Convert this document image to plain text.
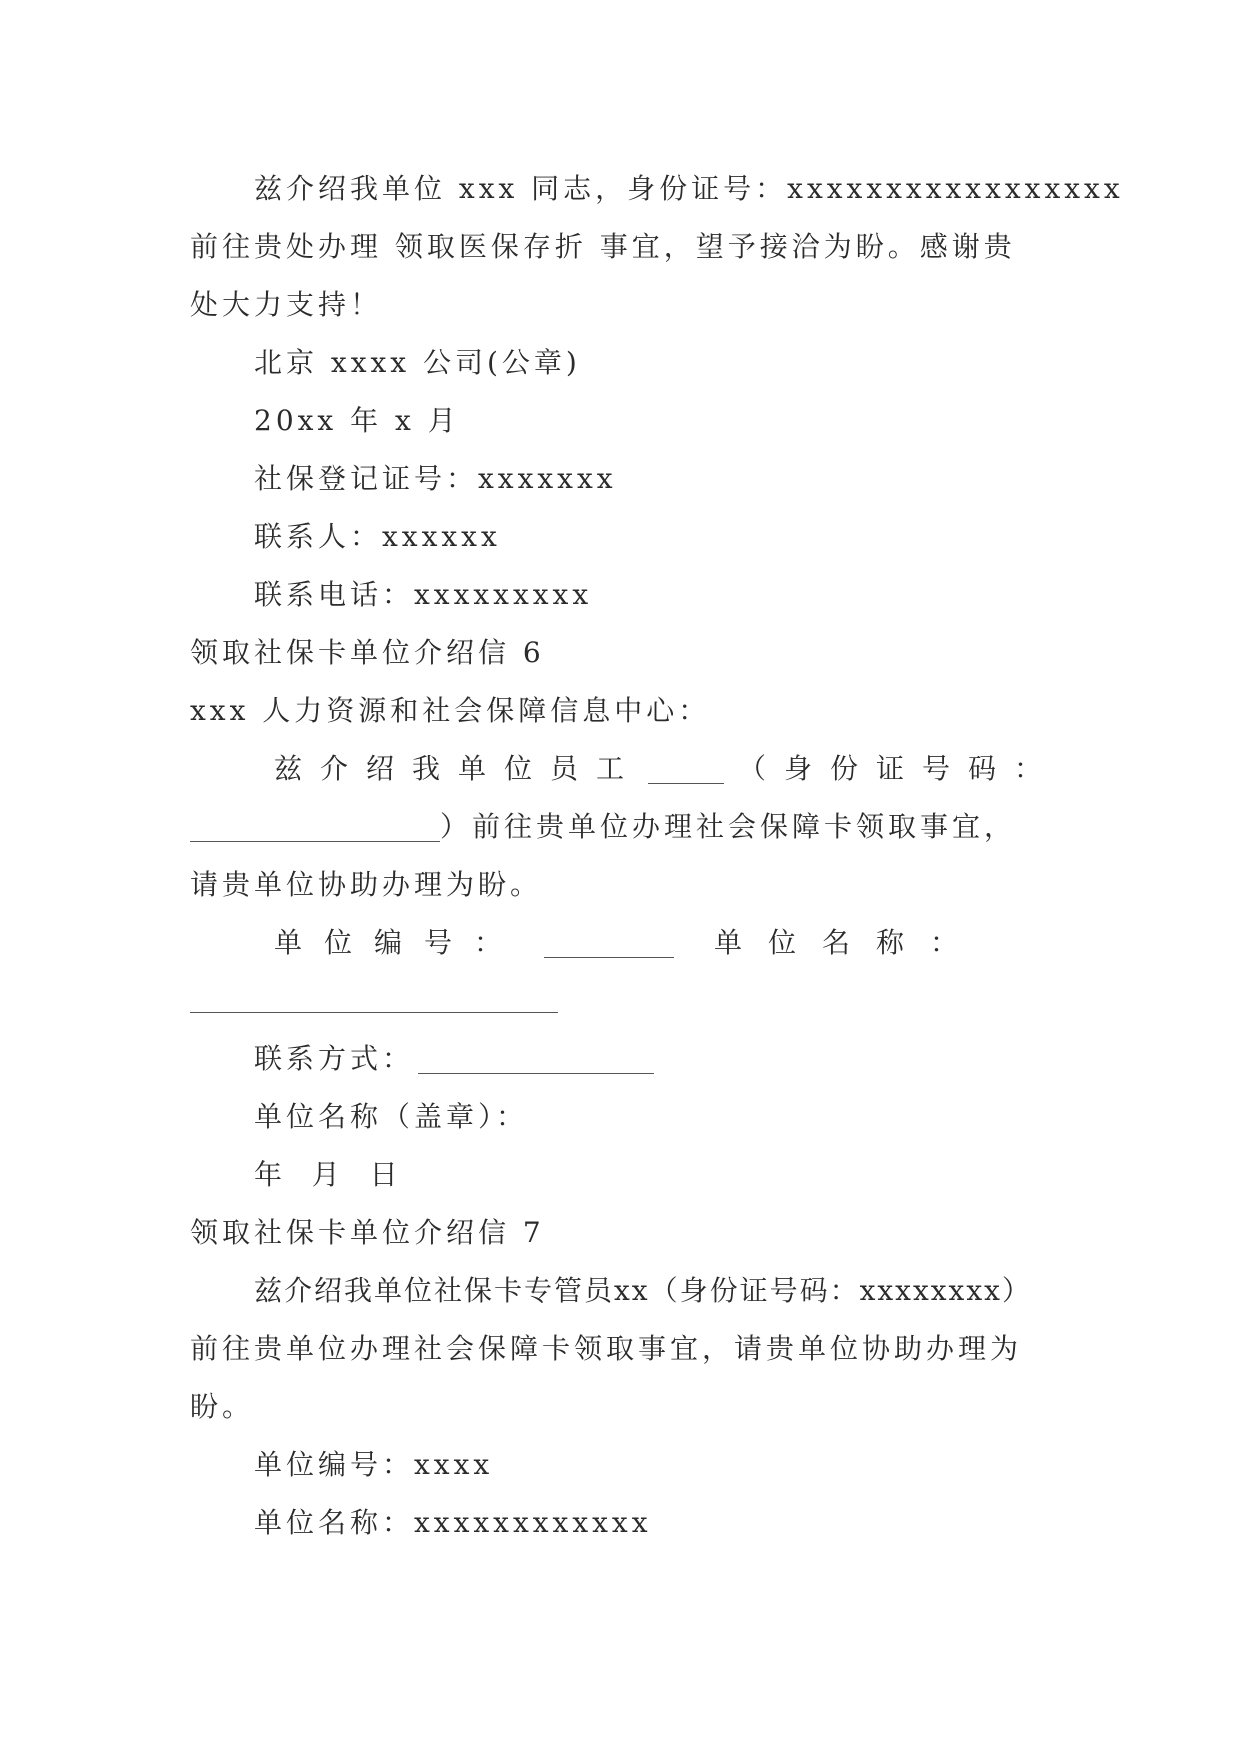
兹介绍我单位 xxx 同志，身份证号：xxxxxxxxxxxxxxxxx
前往贵处办理 领取医保存折 事宜，望予接洽为盼。感谢贵
处大力支持！
北京 xxxx 公司(公章)
20xx 年 x 月
社保登记证号：xxxxxxx
联系人：xxxxxx
联系电话：xxxxxxxxx
领取社保卡单位介绍信 6
xxx 人力资源和社会保障信息中心：
兹介绍我单位员工	（身份证号码：
）前往贵单位办理社会保障卡领取事宜，
请贵单位协助办理为盼。
单位编号：	单位名称：
联系方式：
单位名称（盖章）：
年  月  日
领取社保卡单位介绍信 7
兹介绍我单位社保卡专管员xx（身份证号码：xxxxxxxx）
前往贵单位办理社会保障卡领取事宜，请贵单位协助办理为
盼。
单位编号：xxxx
单位名称：xxxxxxxxxxxx
